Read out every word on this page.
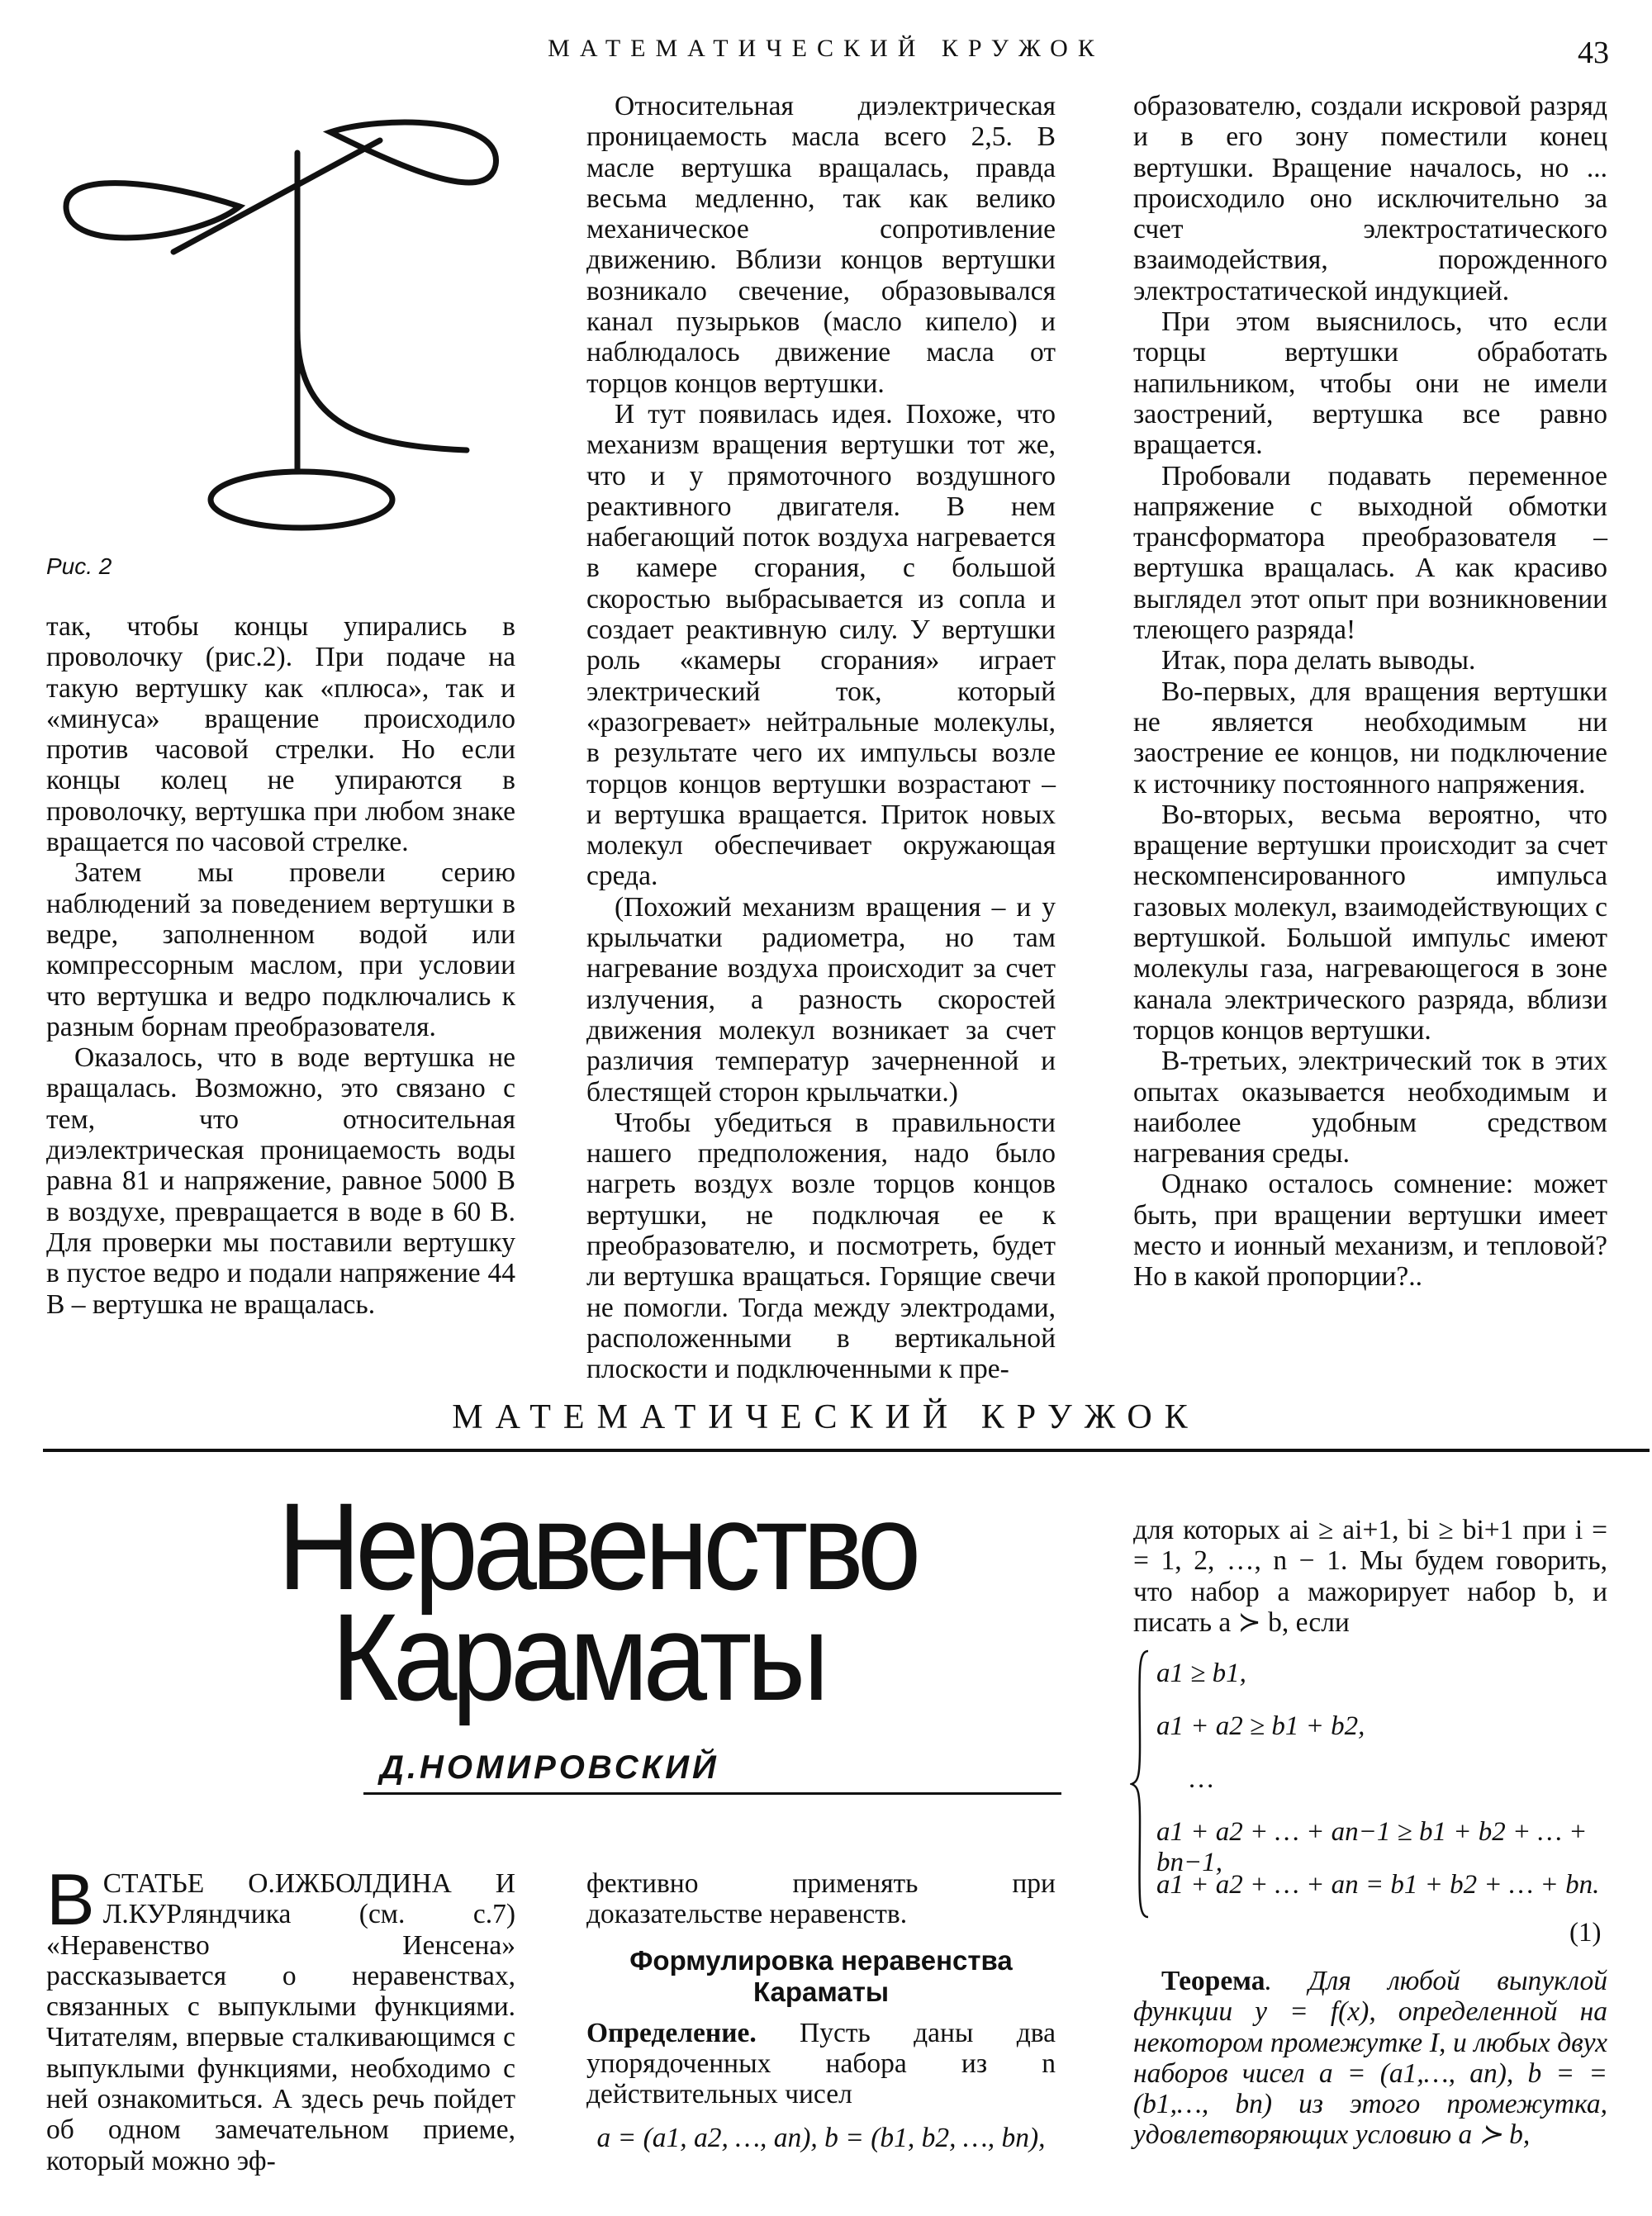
МАТЕМАТИЧЕСКИЙ КРУЖОК	43
Рис. 2

так, чтобы концы упирались в проволочку (рис.2). При подаче на такую вертушку как «плюса», так и «минуса» вращение происходило против часовой стрелки. Но если концы колец не упираются в проволочку, вертушка при любом знаке вращается по часовой стрелке.

Затем мы провели серию наблюдений за поведением вертушки в ведре, заполненном водой или компрессорным маслом, при условии что вертушка и ведро подключались к разным борнам преобразователя.

Оказалось, что в воде вертушка не вращалась. Возможно, это связано с тем, что относительная диэлектрическая проницаемость воды равна 81 и напряжение, равное 5000 В в воздухе, превращается в воде в 60 В. Для проверки мы поставили вертушку в пустое ведро и подали напряжение 44 В – вертушка не вращалась.

Относительная диэлектрическая проницаемость масла всего 2,5. В масле вертушка вращалась, правда весьма медленно, так как велико механическое сопротивление движению. Вблизи концов вертушки возникало свечение, образовывался канал пузырьков (масло кипело) и наблюдалось движение масла от торцов концов вертушки.

И тут появилась идея. Похоже, что механизм вращения вертушки тот же, что и у прямоточного воздушного реактивного двигателя. В нем набегающий поток воздуха нагревается в камере сгорания, с большой скоростью выбрасывается из сопла и создает реактивную силу. У вертушки роль «камеры сгорания» играет электрический ток, который «разогревает» нейтральные молекулы, в результате чего их импульсы возле торцов концов вертушки возрастают – и вертушка вращается. Приток новых молекул обеспечивает окружающая среда.

(Похожий механизм вращения – и у крыльчатки радиометра, но там нагревание воздуха происходит за счет излучения, а разность скоростей движения молекул возникает за счет различия температур зачерненной и блестящей сторон крыльчатки.)

Чтобы убедиться в правильности нашего предположения, надо было нагреть воздух возле торцов концов вертушки, не подключая ее к преобразователю, и посмотреть, будет ли вертушка вращаться. Горящие свечи не помогли. Тогда между электродами, расположенными в вертикальной плоскости и подключенными к пре-

образователю, создали искровой разряд и в его зону поместили конец вертушки. Вращение началось, но ... происходило оно исключительно за счет электростатического взаимодействия, порожденного электростатической индукцией.

При этом выяснилось, что если торцы вертушки обработать напильником, чтобы они не имели заострений, вертушка все равно вращается.

Пробовали подавать переменное напряжение с выходной обмотки трансформатора преобразователя – вертушка вращалась. А как красиво выглядел этот опыт при возникновении тлеющего разряда!

Итак, пора делать выводы.

Во-первых, для вращения вертушки не является необходимым ни заострение ее концов, ни подключение к источнику постоянного напряжения.

Во-вторых, весьма вероятно, что вращение вертушки происходит за счет нескомпенсированного импульса газовых молекул, взаимодействующих с вертушкой. Большой импульс имеют молекулы газа, нагревающегося в зоне канала электрического разряда, вблизи торцов концов вертушки.

В-третьих, электрический ток в этих опытах оказывается необходимым и наиболее удобным средством нагревания среды.

Однако осталось сомнение: может быть, при вращении вертушки имеет место и ионный механизм, и тепловой? Но в какой пропорции?..

МАТЕМАТИЧЕСКИЙ КРУЖОК
Неравенство
Караматы
Д.НОМИРОВСКИЙ

В СТАТЬЕ О.ИЖБОЛДИНА И Л.КУРляндчика (см. с.7) «Неравенство Иенсена» рассказывается о неравенствах, связанных с выпуклыми функциями. Читателям, впервые сталкивающимся с выпуклыми функциями, необходимо с ней ознакомиться. А здесь речь пойдет об одном замечательном приеме, который можно эф-

фективно применять при доказательстве неравенств.

Формулировка неравенства Караматы

Определение. Пусть даны два упорядоченных набора из n действительных чисел

a = (a1, a2, …, an), b = (b1, b2, …, bn),

для которых ai ≥ ai+1, bi ≥ bi+1 при i = = 1, 2, …, n − 1. Мы будем говорить, что набор a мажорирует набор b, и писать a ≻ b, если

a1 ≥ b1,
a1 + a2 ≥ b1 + b2,
…
a1 + a2 + … + an−1 ≥ b1 + b2 + … + bn−1,
a1 + a2 + … + an = b1 + b2 + … + bn.
(1)

Теорема. Для любой выпуклой функции y = f(x), определенной на некотором промежутке I, и любых двух наборов чисел a = (a1,…, an), b = = (b1,…, bn) из этого промежутка, удовлетворяющих условию a ≻ b,
